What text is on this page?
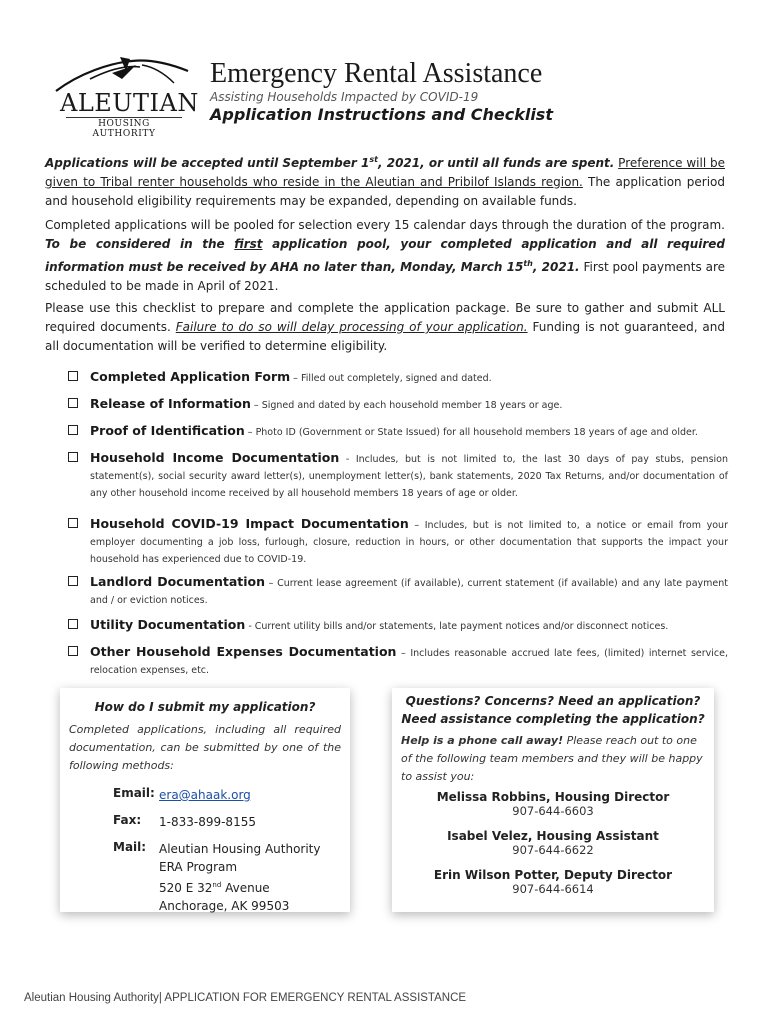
ALEUTIAN
HOUSING AUTHORITY
Emergency Rental Assistance
Assisting Households Impacted by COVID-19
Application Instructions and Checklist
Applications will be accepted until September 1st, 2021, or until all funds are spent. Preference will be given to Tribal renter households who reside in the Aleutian and Pribilof Islands region. The application period and household eligibility requirements may be expanded, depending on available funds.
Completed applications will be pooled for selection every 15 calendar days through the duration of the program. To be considered in the first application pool, your completed application and all required information must be received by AHA no later than, Monday, March 15th, 2021. First pool payments are scheduled to be made in April of 2021.
Please use this checklist to prepare and complete the application package. Be sure to gather and submit ALL required documents. Failure to do so will delay processing of your application. Funding is not guaranteed, and all documentation will be verified to determine eligibility.
Completed Application Form – Filled out completely, signed and dated.
Release of Information – Signed and dated by each household member 18 years or age.
Proof of Identification – Photo ID (Government or State Issued) for all household members 18 years of age and older.
Household Income Documentation - Includes, but is not limited to, the last 30 days of pay stubs, pension statement(s), social security award letter(s), unemployment letter(s), bank statements, 2020 Tax Returns, and/or documentation of any other household income received by all household members 18 years of age or older.
Household COVID-19 Impact Documentation – Includes, but is not limited to, a notice or email from your employer documenting a job loss, furlough, closure, reduction in hours, or other documentation that supports the impact your household has experienced due to COVID-19.
Landlord Documentation – Current lease agreement (if available), current statement (if available) and any late payment and / or eviction notices.
Utility Documentation - Current utility bills and/or statements, late payment notices and/or disconnect notices.
Other Household Expenses Documentation – Includes reasonable accrued late fees, (limited) internet service, relocation expenses, etc.
How do I submit my application?
Completed applications, including all required documentation, can be submitted by one of the following methods:
Email: era@ahaak.org
Fax: 1-833-899-8155
Mail: Aleutian Housing Authority
ERA Program
520 E 32nd Avenue
Anchorage, AK 99503
Questions? Concerns? Need an application?
Need assistance completing the application?
Help is a phone call away! Please reach out to one of the following team members and they will be happy to assist you:
Melissa Robbins, Housing Director
907-644-6603
Isabel Velez, Housing Assistant
907-644-6622
Erin Wilson Potter, Deputy Director
907-644-6614
Aleutian Housing Authority| APPLICATION FOR EMERGENCY RENTAL ASSISTANCE
